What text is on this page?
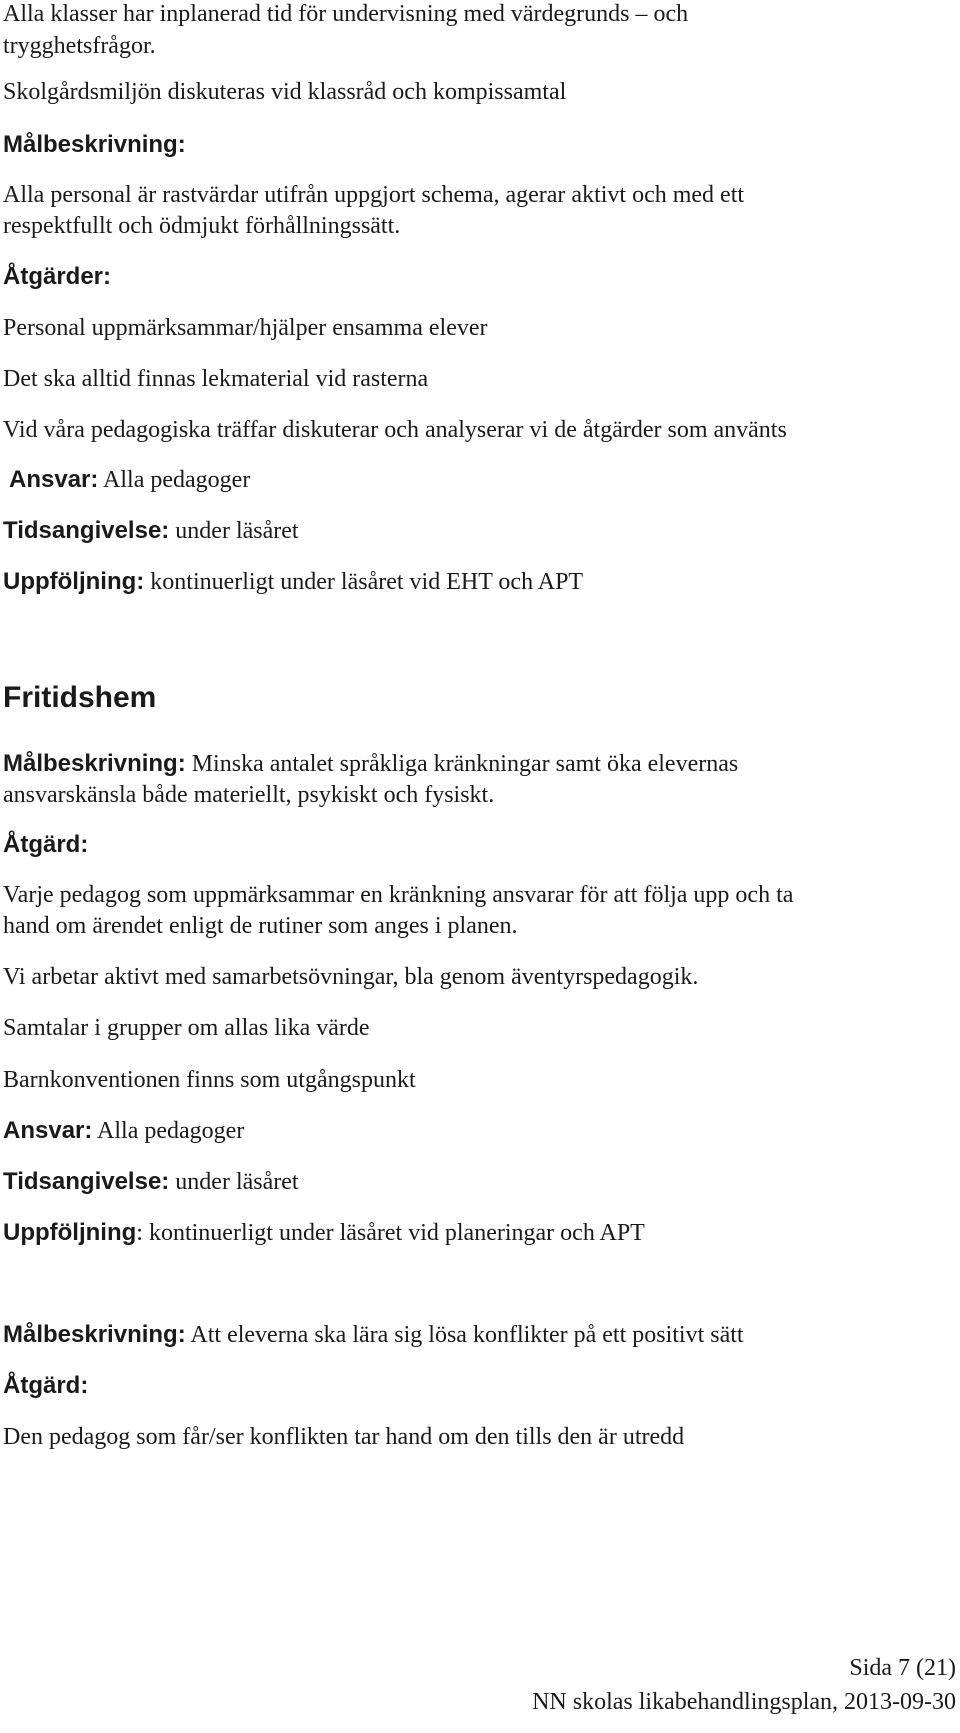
Alla klasser har inplanerad tid för undervisning med värdegrunds – och
trygghetsfrågor.
Skolgårdsmiljön diskuteras vid klassråd och kompissamtal
Målbeskrivning:
Alla personal är rastvärdar utifrån uppgjort schema, agerar aktivt och med ett
respektfullt och ödmjukt förhållningssätt.
Åtgärder:
Personal uppmärksammar/hjälper ensamma elever
Det ska alltid finnas lekmaterial vid rasterna
Vid våra pedagogiska träffar diskuterar och analyserar vi de åtgärder som använts
Ansvar: Alla pedagoger
Tidsangivelse: under läsåret
Uppföljning: kontinuerligt under läsåret vid EHT och APT
Fritidshem
Målbeskrivning: Minska antalet språkliga kränkningar samt öka elevernas
ansvarskänsla både materiellt, psykiskt och fysiskt.
Åtgärd:
Varje pedagog som uppmärksammar en kränkning ansvarar för att följa upp och ta
hand om ärendet enligt de rutiner som anges i planen.
Vi arbetar aktivt med samarbetsövningar, bla genom äventyrspedagogik.
Samtalar i grupper om allas lika värde
Barnkonventionen finns som utgångspunkt
Ansvar: Alla pedagoger
Tidsangivelse: under läsåret
Uppföljning: kontinuerligt under läsåret vid planeringar och APT
Målbeskrivning: Att eleverna ska lära sig lösa konflikter på ett positivt sätt
Åtgärd:
Den pedagog som får/ser konflikten tar hand om den tills den är utredd
Sida 7 (21)
NN skolas likabehandlingsplan, 2013-09-30
